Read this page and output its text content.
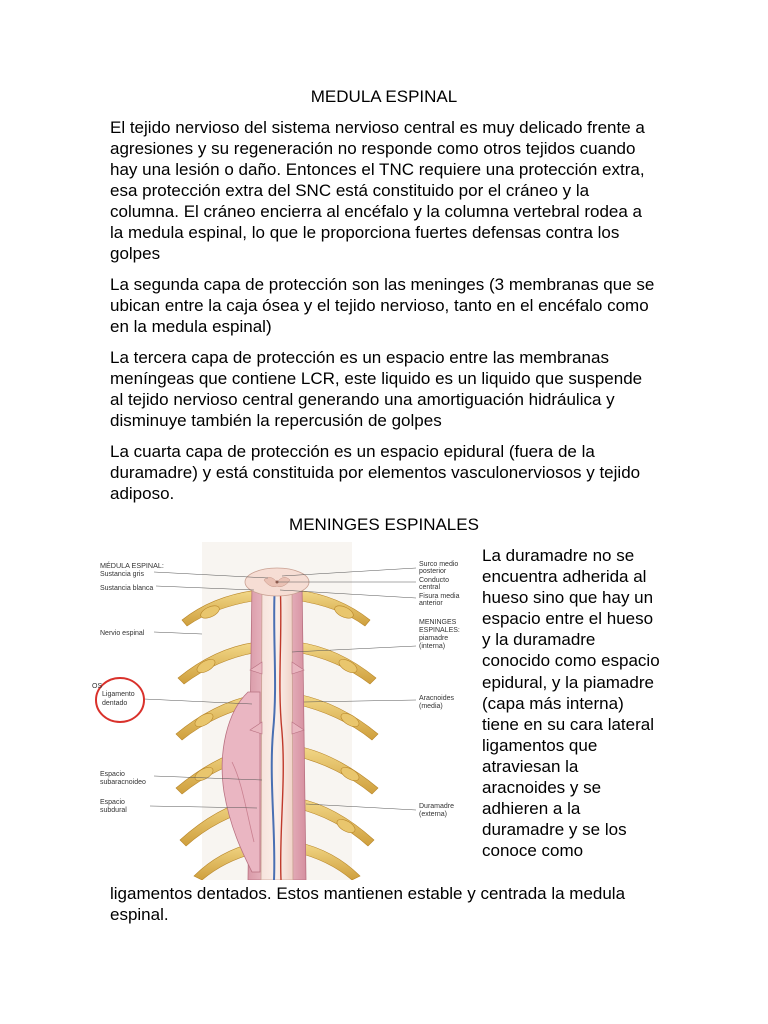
MEDULA ESPINAL

El tejido nervioso del sistema nervioso central es muy delicado frente a agresiones y su regeneración no responde como otros tejidos cuando hay una lesión o daño. Entonces el TNC requiere una protección extra, esa protección extra del SNC está constituido por el cráneo y la columna. El cráneo encierra al encéfalo y la columna vertebral rodea a la medula espinal, lo que le proporciona fuertes defensas contra los golpes

La segunda capa de protección son las meninges (3 membranas que se ubican entre la caja ósea y el tejido nervioso, tanto en el encéfalo como en la medula espinal)

La tercera capa de protección es un espacio entre las membranas meníngeas que contiene LCR, este liquido es un liquido que suspende al tejido nervioso central generando una amortiguación hidráulica y disminuye también la repercusión de golpes

La cuarta capa de protección es un espacio epidural (fuera de la duramadre) y está constituida por elementos vasculonerviosos y tejido adiposo.

MENINGES ESPINALES

La duramadre no se encuentra adherida al hueso sino que hay un espacio entre el hueso y la duramadre conocido como espacio epidural, y la piamadre (capa más interna) tiene en su cara lateral ligamentos que atraviesan la aracnoides y se adhieren a la duramadre y se los conoce como

ligamentos dentados. Estos mantienen estable y centrada la medula espinal.

MÉDULA ESPINAL:
Sustancia gris
Sustancia blanca
Nervio espinal
OS
Ligamento
dentado
Espacio
subaracnoideo
Espacio
subdural
Surco medio
posterior
Conducto
central
Fisura media
anterior
MENINGES
ESPINALES:
piamadre
(interna)
Aracnoides
(media)
Duramadre
(externa)
